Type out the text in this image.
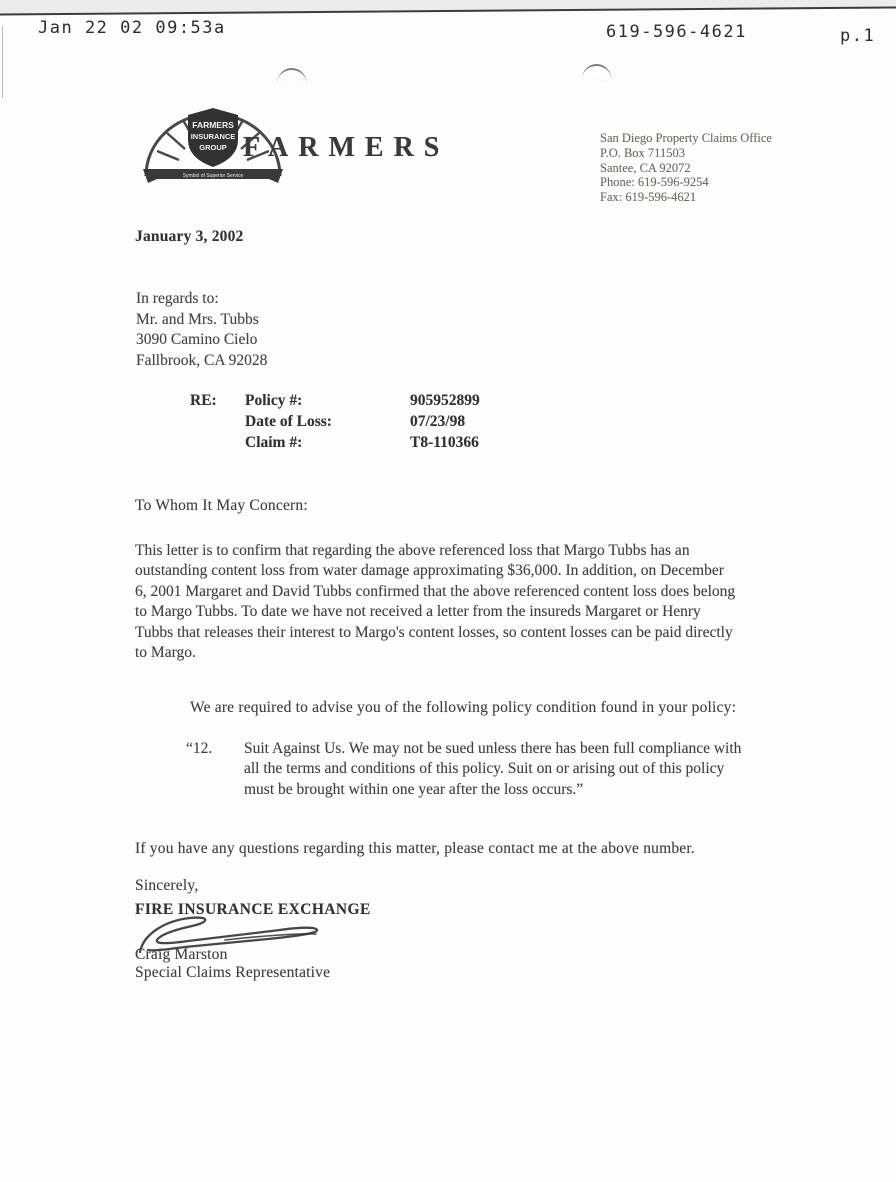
Jan 22 02 09:53a	619-596-4621	p.1
FARMERS
INSURANCE
GROUP
Symbol of Superior Service
FARMERS	San Diego Property Claims Office
P.O. Box 711503
Santee, CA 92072
Phone: 619-596-9254
Fax: 619-596-4621
January 3, 2002
In regards to:
Mr. and Mrs. Tubbs
3090 Camino Cielo
Fallbrook, CA 92028
RE:	Policy #:	905952899
Date of Loss:	07/23/98
Claim #:	T8-110366
To Whom It May Concern:
This letter is to confirm that regarding the above referenced loss that Margo Tubbs has an
outstanding content loss from water damage approximating $36,000. In addition, on December
6, 2001 Margaret and David Tubbs confirmed that the above referenced content loss does belong
to Margo Tubbs. To date we have not received a letter from the insureds Margaret or Henry
Tubbs that releases their interest to Margo's content losses, so content losses can be paid directly
to Margo.
We are required to advise you of the following policy condition found in your policy:
“12.	Suit Against Us. We may not be sued unless there has been full compliance with
all the terms and conditions of this policy. Suit on or arising out of this policy
must be brought within one year after the loss occurs.”
If you have any questions regarding this matter, please contact me at the above number.
Sincerely,
FIRE INSURANCE EXCHANGE
Craig Marston
Special Claims Representative
